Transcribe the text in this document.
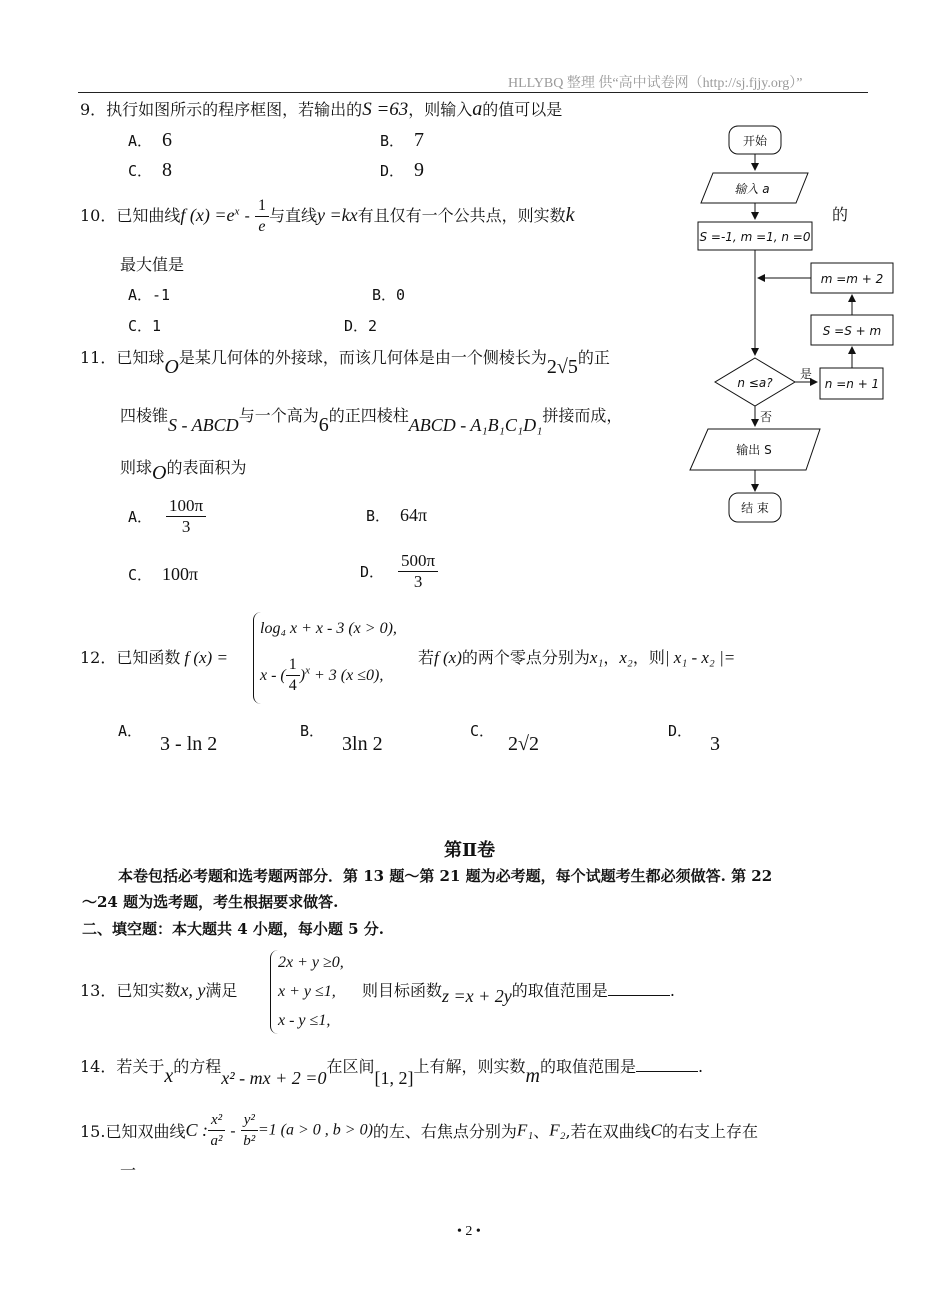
HLLYBQ 整理 供“高中试卷网（http://sj.fjjy.org）”
9．执行如图所示的程序框图，若输出的S =63，则输入a的值可以是
A． 6	B． 7
C． 8	D． 9
10．已知曲线f $(x) =e^x - \frac{1}{e}$ 与直线y =kx有且仅有一个公共点，则实数k	的
最大值是
A．-1	B．0
C．1	D．2
11．已知球O是某几何体的外接球，而该几何体是由一个侧棱长为2√5的正
四棱锥S - ABCD与一个高为6的正四棱柱ABCD - A₁B₁C₁D₁拼接而成，
则球O的表面积为
A． $\frac{100\pi}{3}$	B． 64π
C． 100π	D． $\frac{500\pi}{3}$
12．已知函数 f (x) =
log₄ x + x - 3 (x > 0),
x - ( $\frac{1}{4} )^x + 3$ (x ≤0),
若f (x)的两个零点分别为x₁，x₂，则| x₁ - x₂ |=
A．3 - ln 2
B．3ln 2
C．2√2
D．3
第Ⅱ卷
本卷包括必考题和选考题两部分．第 13 题～第 21 题为必考题，每个试题考生都必须做答. 第 22
～24 题为选考题，考生根据要求做答.
二、填空题：本大题共 4 小题，每小题 5 分.
13．已知实数x, y满足
2x + y ≥0,
x + y ≤1,
x - y ≤1,
则目标函数z =x + 2y的取值范围是	.
14．若关于x的方程x² - mx + 2 =0在区间[1, 2]上有解，则实数m的取值范围是	.
15.已知双曲线C : $\frac{\text{x²}}{\text{a²}} - \frac{\text{y²}}{\text{b²}} =1$ (a > 0 , b > 0)的左、右焦点分别为F₁、F₂,若在双曲线C的右支上存在
一
• 2 •
开始
输入 a
S =-1, m =1, n =0
m =m + 2
S =S + m
n ≤a?
是
n =n + 1
否
输出 S
结 束
